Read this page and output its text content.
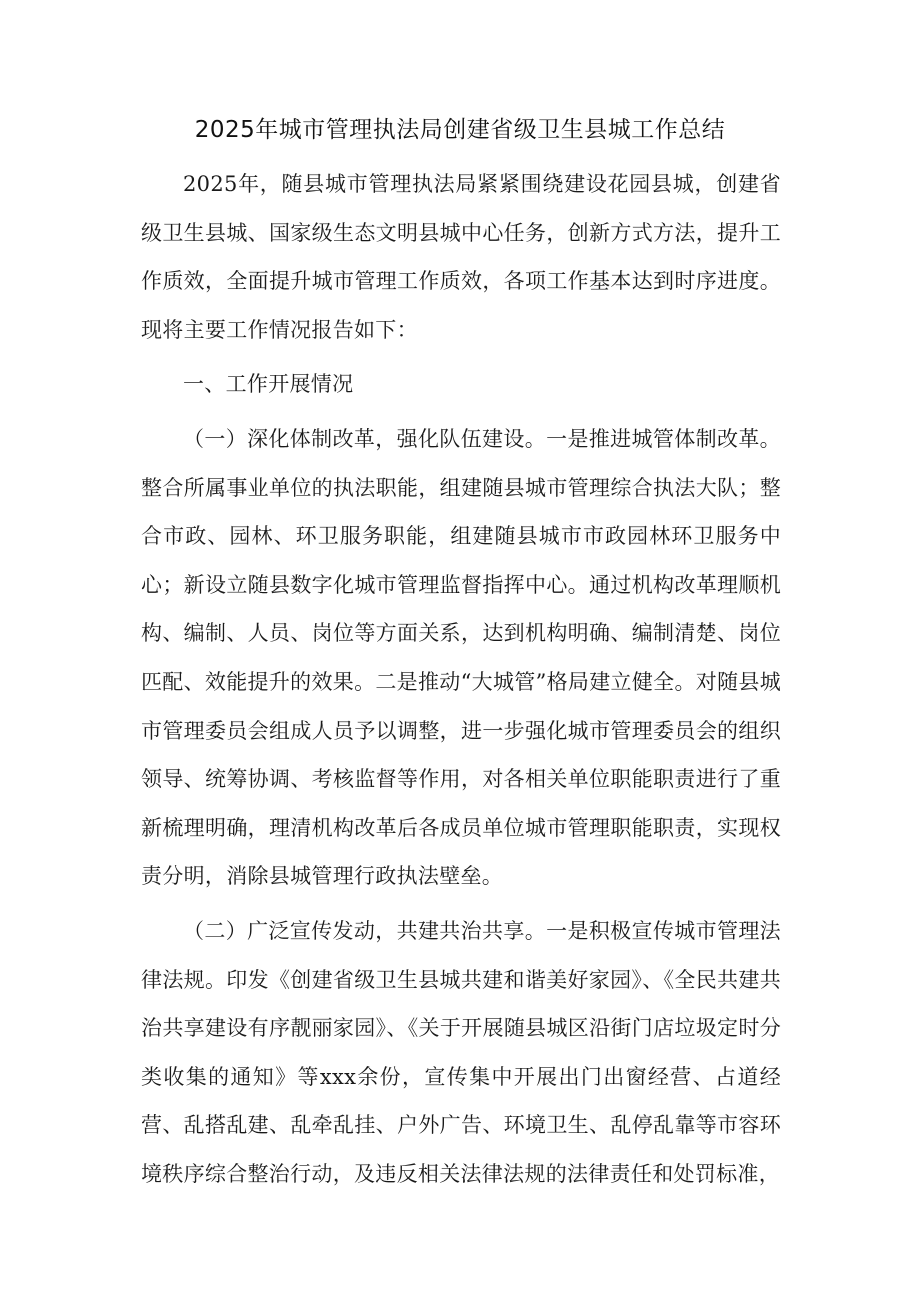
2025年城市管理执法局创建省级卫生县城工作总结

2025年，随县城市管理执法局紧紧围绕建设花园县城，创建省级卫生县城、国家级生态文明县城中心任务，创新方式方法，提升工作质效，全面提升城市管理工作质效，各项工作基本达到时序进度。现将主要工作情况报告如下：

一、工作开展情况

（一）深化体制改革，强化队伍建设。一是推进城管体制改革。整合所属事业单位的执法职能，组建随县城市管理综合执法大队；整合市政、园林、环卫服务职能，组建随县城市市政园林环卫服务中心；新设立随县数字化城市管理监督指挥中心。通过机构改革理顺机构、编制、人员、岗位等方面关系，达到机构明确、编制清楚、岗位匹配、效能提升的效果。二是推动“大城管”格局建立健全。对随县城市管理委员会组成人员予以调整，进一步强化城市管理委员会的组织领导、统筹协调、考核监督等作用，对各相关单位职能职责进行了重新梳理明确，理清机构改革后各成员单位城市管理职能职责，实现权责分明，消除县城管理行政执法壁垒。

（二）广泛宣传发动，共建共治共享。一是积极宣传城市管理法律法规。印发《创建省级卫生县城共建和谐美好家园》、《全民共建共治共享建设有序靓丽家园》、《关于开展随县城区沿街门店垃圾定时分类收集的通知》等xxx余份，宣传集中开展出门出窗经营、占道经营、乱搭乱建、乱牵乱挂、户外广告、环境卫生、乱停乱靠等市容环境秩序综合整治行动，及违反相关法律法规的法律责任和处罚标准，
